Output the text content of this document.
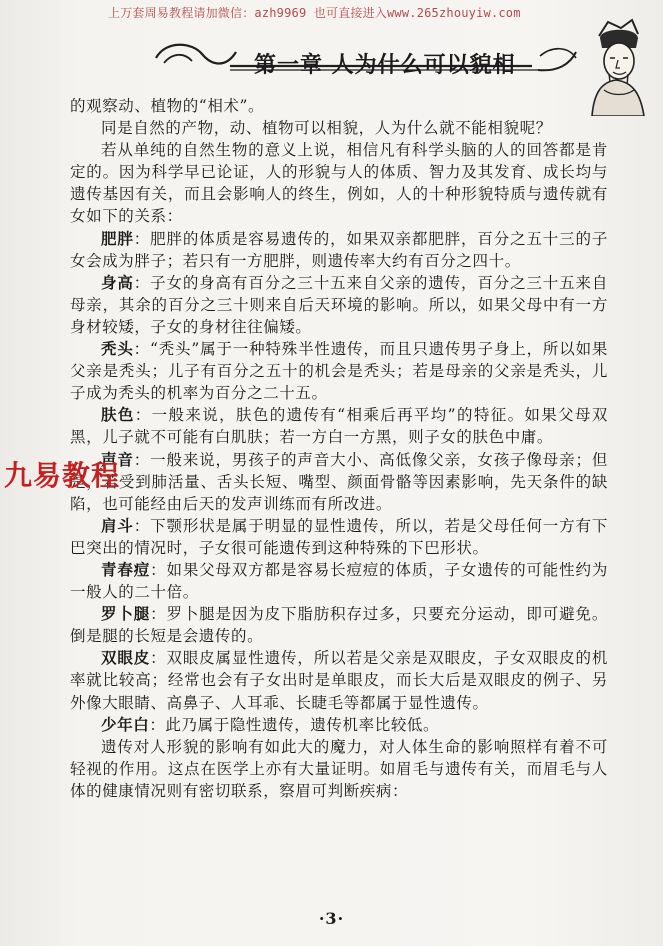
上万套周易教程请加微信：azh9969 也可直接进入www.265zhouyiw.com
第一章 人为什么可以貌相

的观察动、植物的“相术”。

同是自然的产物，动、植物可以相貌，人为什么就不能相貌呢？

若从单纯的自然生物的意义上说，相信凡有科学头脑的人的回答都是肯定的。因为科学早已论证，人的形貌与人的体质、智力及其发育、成长均与遗传基因有关，而且会影响人的终生，例如，人的十种形貌特质与遗传就有女如下的关系：

肥胖：肥胖的体质是容易遗传的，如果双亲都肥胖，百分之五十三的子女会成为胖子；若只有一方肥胖，则遗传率大约有百分之四十。

身高：子女的身高有百分之三十五来自父亲的遗传，百分之三十五来自母亲，其余的百分之三十则来自后天环境的影响。所以，如果父母中有一方身材较矮，子女的身材往往偏矮。

秃头：“秃头”属于一种特殊半性遗传，而且只遗传男子身上，所以如果父亲是秃头；儿子有百分之五十的机会是秃头；若是母亲的父亲是秃头，儿子成为秃头的机率为百分之二十五。

肤色：一般来说，肤色的遗传有“相乘后再平均”的特征。如果父母双黑，儿子就不可能有白肌肤；若一方白一方黑，则子女的肤色中庸。

声音：一般来说，男孩子的声音大小、高低像父亲，女孩子像母亲；但是，若受到肺活量、舌头长短、嘴型、颜面骨骼等因素影响，先天条件的缺陷，也可能经由后天的发声训练而有所改进。

肩斗：下颚形状是属于明显的显性遗传，所以，若是父母任何一方有下巴突出的情况时，子女很可能遗传到这种特殊的下巴形状。

青春痘：如果父母双方都是容易长痘痘的体质，子女遗传的可能性约为一般人的二十倍。

罗卜腿：罗卜腿是因为皮下脂肪积存过多，只要充分运动，即可避免。倒是腿的长短是会遗传的。

双眼皮：双眼皮属显性遗传，所以若是父亲是双眼皮，子女双眼皮的机率就比较高；经常也会有子女出时是单眼皮，而长大后是双眼皮的例子、另外像大眼睛、高鼻子、人耳乖、长睫毛等都属于显性遗传。

少年白：此乃属于隐性遗传，遗传机率比较低。

遗传对人形貌的影响有如此大的魔力，对人体生命的影响照样有着不可轻视的作用。这点在医学上亦有大量证明。如眉毛与遗传有关，而眉毛与人体的健康情况则有密切联系，察眉可判断疾病：

九易教程
·3·
